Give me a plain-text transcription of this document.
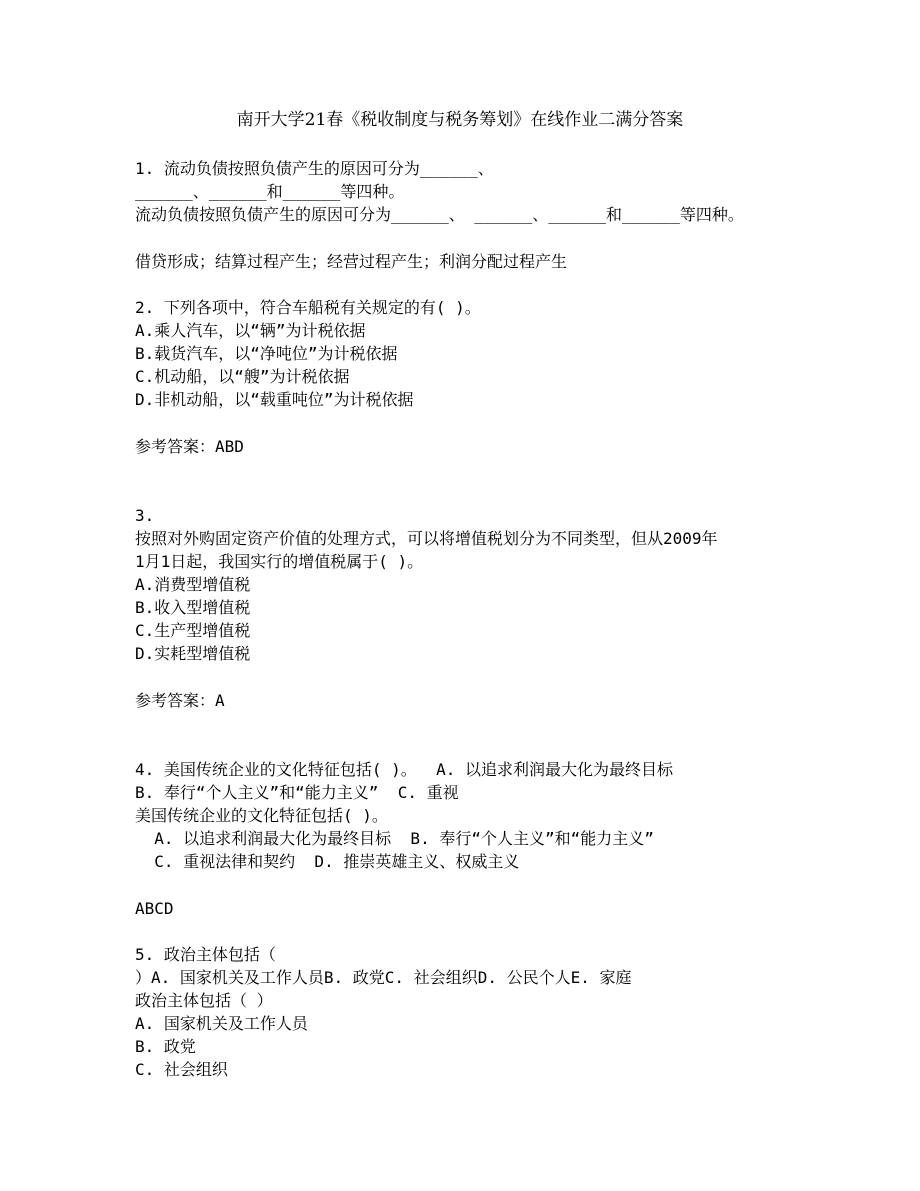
南开大学21春《税收制度与税务筹划》在线作业二满分答案
1. 流动负债按照负债产生的原因可分为______、
______、______和______等四种。
流动负债按照负债产生的原因可分为______、 ______、______和______等四种。
借贷形成；结算过程产生；经营过程产生；利润分配过程产生
2. 下列各项中，符合车船税有关规定的有( )。
A.乘人汽车，以“辆”为计税依据
B.载货汽车，以“净吨位”为计税依据
C.机动船，以“艘”为计税依据
D.非机动船，以“载重吨位”为计税依据
参考答案：ABD
3.
按照对外购固定资产价值的处理方式，可以将增值税划分为不同类型，但从2009年
1月1日起，我国实行的增值税属于( )。
A.消费型增值税
B.收入型增值税
C.生产型增值税
D.实耗型增值税
参考答案：A
4. 美国传统企业的文化特征包括( )。  A. 以追求利润最大化为最终目标
B. 奉行“个人主义”和“能力主义”  C. 重视
美国传统企业的文化特征包括( )。
A. 以追求利润最大化为最终目标  B. 奉行“个人主义”和“能力主义”
C. 重视法律和契约  D. 推崇英雄主义、权威主义
ABCD
5. 政治主体包括（
）A. 国家机关及工作人员B. 政党C. 社会组织D. 公民个人E. 家庭
政治主体包括（ ）
A. 国家机关及工作人员
B. 政党
C. 社会组织
